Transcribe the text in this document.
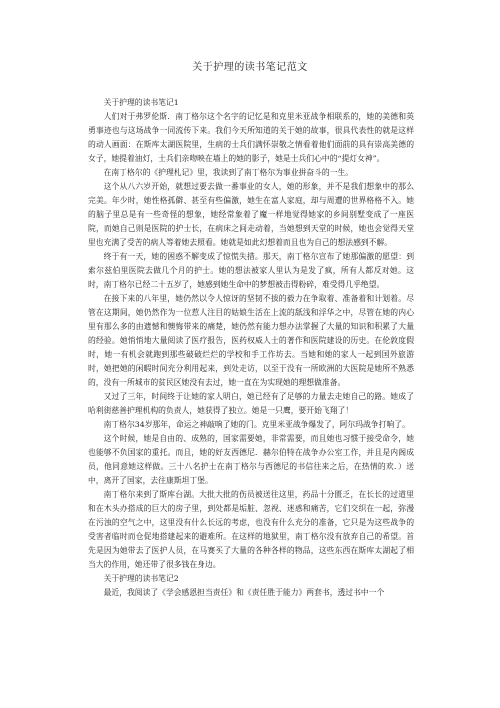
关于护理的读书笔记范文

关于护理的读书笔记1

人们对于弗罗伦斯．南丁格尔这个名字的记忆是和克里米亚战争相联系的，她的美德和英勇事迹也与这场战争一同流传下来。我们今天所知道的关于她的故事，很具代表性的就是这样的动人画面：在斯库太湖医院里，生病的士兵们满怀崇敬之情看着他们面前的具有崇高美德的女子，她提着油灯，士兵们亲吻映在墙上的她的影子，她是士兵们心中的“提灯女神”。

在南丁格尔的《护理札记》里，我读到了南丁格尔为事业拼奋斗的一生。

这个从八六岁开始，就想过要去做一番事业的女人，她的形象，并不是我们想象中的那么完美。年少时，她性格孤僻、甚至有些偏激，她生在富人家庭，却与周遭的世界格格不入。她的脑子里总是有一些奇怪的想象，她经常象着了魔一样地觉得她家的乡间别墅变成了一座医院，而她自己则是医院的护士长，在病床之间走动着，当她想到天堂的时候，她也会觉得天堂里也充满了受苦的病人等着她去照看。她就是如此幻想着而且也为自己的想法感到不解。

终于有一天，她的困惑不解变成了惊慌失措。那天，南丁格尔宣布了她那偏激的愿望：到索尔兹伯里医院去做几个月的护士。她的想法被家人里认为是发了疯，所有人都反对她。这时，南丁格尔已经二十五岁了，她感到她生命中的梦想被击得粉碎，难受得几乎绝望。

在接下来的八年里，她仍然以令人惊讶的坚韧不拔的毅力在争取着、准备着和计划着。尽管在这期间，她仍然作为一位惹人注目的姑娘生活在上流的舐浅和浮华之中，尽管在她的内心里有那么多的由遗憾和懊悔带来的痛楚，她仍然有能力想办法掌握了大量的知识和积累了大量的经验。她悄悄地大量阅读了医疗报告，医药权威人士的著作和医院建设的历史。在伦敦度假时，她一有机会就跑到那些破破烂烂的学校和手工作坊去。当她和她的家人一起到国外旅游时，她把她的闲暇时间充分利用起来，到处走访，以至于没有一所欧洲的大医院是她所不熟悉的，没有一所城市的贫民区她没有去过，她一直在为实现她的理想做准备。

又过了三年，时间终于让她的家人明白，她已经有了足够的力量去走她自己的路。她成了哈利街慈善护理机构的负责人，她获得了独立。她是一只鹰，要开始飞翔了！

南丁格尔34岁那年，命运之神敲响了她的门。克里米亚战争爆发了，阿尔玛战争打响了。

这个时候，她是自由的、成熟的，国家需要她，非常需要，而且她也习惯于接受命令，她也能够不负国家的重托。而且，她的好友西德尼．赫尔伯特在战争办公室工作，并且是内阁成员，他同意她这样做。三十八名护士在南丁格尔与西德尼的书信往来之后，在热情的欢．）送中，离开了国家，去往康斯坦丁堡。

南丁格尔来到了斯库台湖。大批大批的伤员被送往这里，药品十分匮乏，在长长的过道里和在木头办搭成的巨大的房子里，到处都是垢脏、忽视、迷惑和痛苦，它们交织在一起，弥漫在污浊的空气之中，这里没有什么长远的考虑，也没有什么充分的准备，它只是为这些战争的受害者临时而仓促地搭建起来的避难所。在这样的地狱里，南丁格尔没有放弃自己的希望。首先是因为她带去了医护人员，在马赛买了大量的各种各样的物品，这些东西在斯库太湖起了相当大的作用，她还带了很多钱在身边。

关于护理的读书笔记2

最近，我阅读了《学会感恩担当责任》和《责任胜于能力》两套书，透过书中一个
